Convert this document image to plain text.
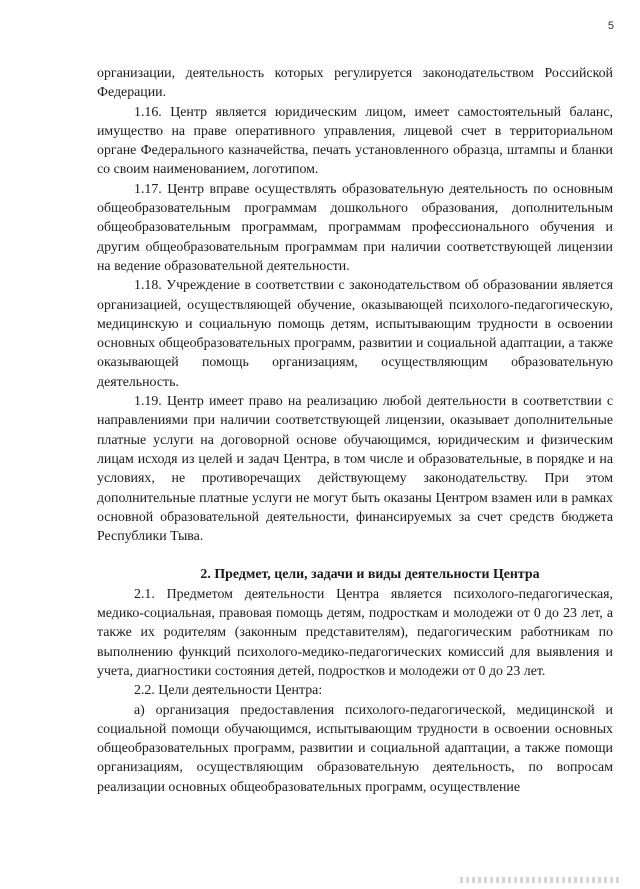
5

организации, деятельность которых регулируется законодательством Российской Федерации.

1.16. Центр является юридическим лицом, имеет самостоятельный баланс, имущество на праве оперативного управления, лицевой счет в территориальном органе Федерального казначейства, печать установленного образца, штампы и бланки со своим наименованием, логотипом.

1.17. Центр вправе осуществлять образовательную деятельность по основным общеобразовательным программам дошкольного образования, дополнительным общеобразовательным программам, программам профессионального обучения и другим общеобразовательным программам при наличии соответствующей лицензии на ведение образовательной деятельности.

1.18. Учреждение в соответствии с законодательством об образовании является организацией, осуществляющей обучение, оказывающей психолого-педагогическую, медицинскую и социальную помощь детям, испытывающим трудности в освоении основных общеобразовательных программ, развитии и социальной адаптации, а также оказывающей помощь организациям, осуществляющим образовательную деятельность.

1.19. Центр имеет право на реализацию любой деятельности в соответствии с направлениями при наличии соответствующей лицензии, оказывает дополнительные платные услуги на договорной основе обучающимся, юридическим и физическим лицам исходя из целей и задач Центра, в том числе и образовательные, в порядке и на условиях, не противоречащих действующему законодательству. При этом дополнительные платные услуги не могут быть оказаны Центром взамен или в рамках основной образовательной деятельности, финансируемых за счет средств бюджета Республики Тыва.

2. Предмет, цели, задачи и виды деятельности Центра

2.1. Предметом деятельности Центра является психолого-педагогическая, медико-социальная, правовая помощь детям, подросткам и молодежи от 0 до 23 лет, а также их родителям (законным представителям), педагогическим работникам по выполнению функций психолого-медико-педагогических комиссий для выявления и учета, диагностики состояния детей, подростков и молодежи от 0 до 23 лет.

2.2. Цели деятельности Центра:

а) организация предоставления психолого-педагогической, медицинской и социальной помощи обучающимся, испытывающим трудности в освоении основных общеобразовательных программ, развитии и социальной адаптации, а также помощи организациям, осуществляющим образовательную деятельность, по вопросам реализации основных общеобразовательных программ, осуществление
